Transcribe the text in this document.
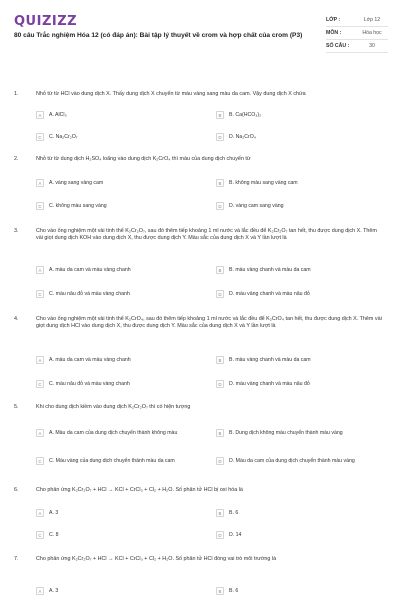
QUIZIZZ
80 câu Trắc nghiệm Hóa 12 (có đáp án): Bài tập lý thuyết về crom và hợp chất của crom (P3)
LỚP :	Lớp 12
MÔN :	Hóa học
SỐ CÂU :	30
1.	Nhỏ từ từ HCl vào dung dịch X. Thấy dung dịch X chuyển từ màu vàng sang màu da cam. Vậy dung dịch X chứa
A	A. AlCl₃	B	B. Ca(HCO₃)₂
C	C. Na₂Cr₂O₇	D	D. Na₂CrO₄
2.	Nhỏ từ từ dung dịch H₂SO₄ loãng vào dung dịch K₂CrO₄ thì màu của dung dịch chuyển từ
A	A. vàng sang vàng cam	B	B. không màu sang vàng cam
C	C. không màu sang vàng	D	D. vàng cam sang vàng
3.	Cho vào ống nghiệm một vài tinh thể K₂Cr₂O₇, sau đó thêm tiếp khoảng 1 ml nước và lắc đều để K₂Cr₂O₇ tan hết, thu được dung dịch X. Thêm vài giọt dung dịch KOH vào dung dịch X, thu được dung dịch Y. Màu sắc của dung dịch X và Y lần lượt là
A	A. màu da cam và màu vàng chanh	B	B. màu vàng chanh và màu da cam
C	C. màu nâu đỏ và màu vàng chanh	D	D. màu vàng chanh và màu nâu đỏ
4.	Cho vào ống nghiệm một vài tinh thể K₂CrO₄, sau đó thêm tiếp khoảng 1 ml nước và lắc đều để K₂CrO₄ tan hết, thu được dung dịch X. Thêm vài giọt dung dịch HCl vào dung dịch X, thu được dung dịch Y. Màu sắc của dung dịch X và Y lần lượt là
A	A. màu da cam và màu vàng chanh	B	B. màu vàng chanh và màu da cam
C	C. màu nâu đỏ và màu vàng chanh	D	D. màu vàng chanh và màu nâu đỏ
5.	Khi cho dung dịch kiềm vào dung dịch K₂Cr₂O₇ thì có hiện tượng
A	A. Màu da cam của dung dịch chuyển thành không màu	B	B. Dung dịch không màu chuyển thành màu vàng
C	C. Màu vàng của dung dịch chuyển thành màu da cam	D	D. Màu da cam của dung dịch chuyển thành màu vàng
6.	Cho phản ứng K₂Cr₂O₇ + HCl → KCl + CrCl₃ + Cl₂ + H₂O. Số phân tử HCl bị oxi hóa là
A	A. 3	B	B. 6
C	C. 8	D	D. 14
7.	Cho phản ứng K₂Cr₂O₇ + HCl → KCl + CrCl₃ + Cl₂ + H₂O. Số phân tử HCl đóng vai trò môi trường là
A	A. 3	B	B. 6
